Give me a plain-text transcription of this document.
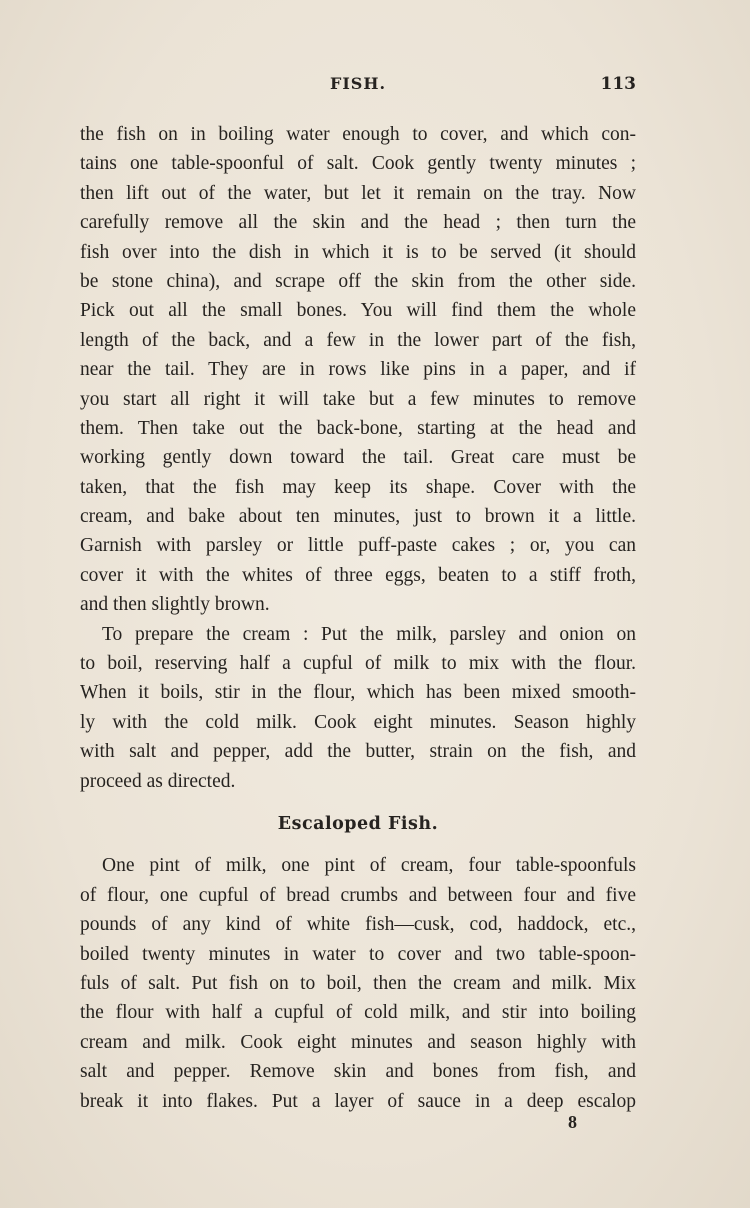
FISH.	113
the fish on in boiling water enough to cover, and which con-
tains one table-spoonful of salt. Cook gently twenty minutes ;
then lift out of the water, but let it remain on the tray. Now
carefully remove all the skin and the head ; then turn the
fish over into the dish in which it is to be served (it should
be stone china), and scrape off the skin from the other side.
Pick out all the small bones. You will find them the whole
length of the back, and a few in the lower part of the fish,
near the tail. They are in rows like pins in a paper, and if
you start all right it will take but a few minutes to remove
them. Then take out the back-bone, starting at the head and
working gently down toward the tail. Great care must be
taken, that the fish may keep its shape. Cover with the
cream, and bake about ten minutes, just to brown it a little.
Garnish with parsley or little puff-paste cakes ; or, you can
cover it with the whites of three eggs, beaten to a stiff froth,
and then slightly brown.
To prepare the cream : Put the milk, parsley and onion on
to boil, reserving half a cupful of milk to mix with the flour.
When it boils, stir in the flour, which has been mixed smooth-
ly with the cold milk. Cook eight minutes. Season highly
with salt and pepper, add the butter, strain on the fish, and
proceed as directed.
Escaloped Fish.
One pint of milk, one pint of cream, four table-spoonfuls
of flour, one cupful of bread crumbs and between four and five
pounds of any kind of white fish—cusk, cod, haddock, etc.,
boiled twenty minutes in water to cover and two table-spoon-
fuls of salt. Put fish on to boil, then the cream and milk. Mix
the flour with half a cupful of cold milk, and stir into boiling
cream and milk. Cook eight minutes and season highly with
salt and pepper. Remove skin and bones from fish, and
break it into flakes. Put a layer of sauce in a deep escalop
8
